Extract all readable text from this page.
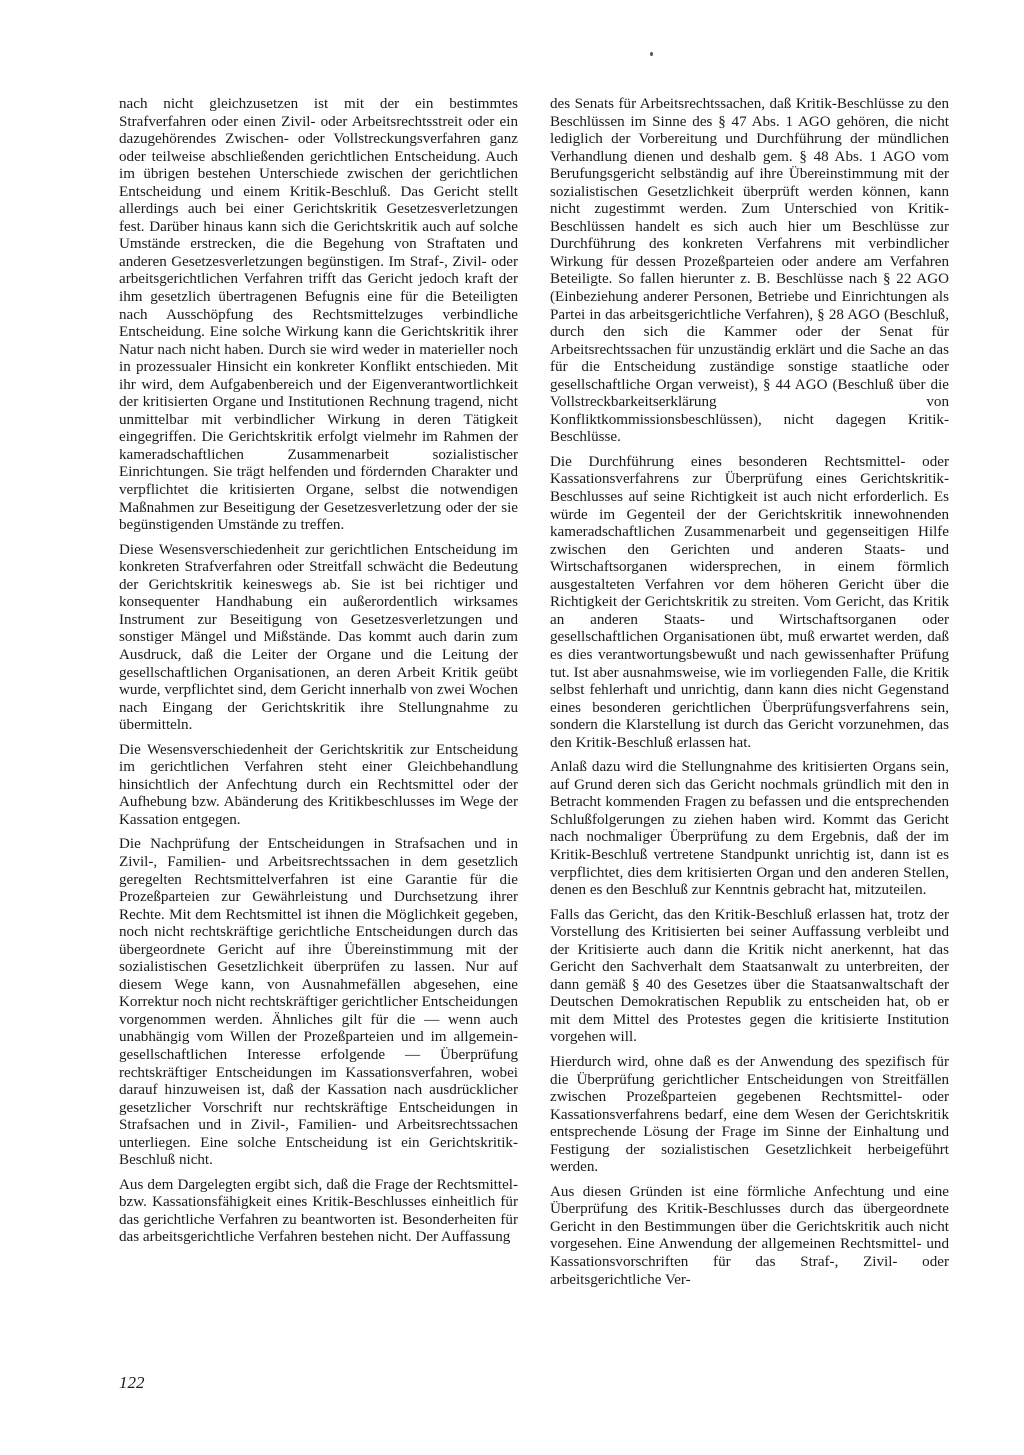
nach nicht gleichzusetzen ist mit der ein bestimmtes Strafverfahren oder einen Zivil- oder Arbeitsrechtsstreit oder ein dazugehörendes Zwischen- oder Vollstreckungsverfahren ganz oder teilweise abschließenden gerichtlichen Entscheidung. Auch im übrigen bestehen Unterschiede zwischen der gerichtlichen Entscheidung und einem Kritik-Beschluß. Das Gericht stellt allerdings auch bei einer Gerichtskritik Gesetzesverletzungen fest. Darüber hinaus kann sich die Gerichtskritik auch auf solche Umstände erstrecken, die die Begehung von Straftaten und anderen Gesetzesverletzungen begünstigen. Im Straf-, Zivil- oder arbeitsgerichtlichen Verfahren trifft das Gericht jedoch kraft der ihm gesetzlich übertragenen Befugnis eine für die Beteiligten nach Ausschöpfung des Rechtsmittelzuges verbindliche Entscheidung. Eine solche Wirkung kann die Gerichtskritik ihrer Natur nach nicht haben. Durch sie wird weder in materieller noch in prozessualer Hinsicht ein konkreter Konflikt entschieden. Mit ihr wird, dem Aufgabenbereich und der Eigenverantwortlichkeit der kritisierten Organe und Institutionen Rechnung tragend, nicht unmittelbar mit verbindlicher Wirkung in deren Tätigkeit eingegriffen. Die Gerichtskritik erfolgt vielmehr im Rahmen der kameradschaftlichen Zusammenarbeit sozialistischer Einrichtungen. Sie trägt helfenden und fördernden Charakter und verpflichtet die kritisierten Organe, selbst die notwendigen Maßnahmen zur Beseitigung der Gesetzesverletzung oder der sie begünstigenden Umstände zu treffen.

Diese Wesensverschiedenheit zur gerichtlichen Entscheidung im konkreten Strafverfahren oder Streitfall schwächt die Bedeutung der Gerichtskritik keineswegs ab. Sie ist bei richtiger und konsequenter Handhabung ein außerordentlich wirksames Instrument zur Beseitigung von Gesetzesverletzungen und sonstiger Mängel und Mißstände. Das kommt auch darin zum Ausdruck, daß die Leiter der Organe und die Leitung der gesellschaftlichen Organisationen, an deren Arbeit Kritik geübt wurde, verpflichtet sind, dem Gericht innerhalb von zwei Wochen nach Eingang der Gerichtskritik ihre Stellungnahme zu übermitteln.

Die Wesensverschiedenheit der Gerichtskritik zur Entscheidung im gerichtlichen Verfahren steht einer Gleichbehandlung hinsichtlich der Anfechtung durch ein Rechtsmittel oder der Aufhebung bzw. Abänderung des Kritikbeschlusses im Wege der Kassation entgegen.

Die Nachprüfung der Entscheidungen in Strafsachen und in Zivil-, Familien- und Arbeitsrechtssachen in dem gesetzlich geregelten Rechtsmittelverfahren ist eine Garantie für die Prozeßparteien zur Gewährleistung und Durchsetzung ihrer Rechte. Mit dem Rechtsmittel ist ihnen die Möglichkeit gegeben, noch nicht rechtskräftige gerichtliche Entscheidungen durch das übergeordnete Gericht auf ihre Übereinstimmung mit der sozialistischen Gesetzlichkeit überprüfen zu lassen. Nur auf diesem Wege kann, von Ausnahmefällen abgesehen, eine Korrektur noch nicht rechtskräftiger gerichtlicher Entscheidungen vorgenommen werden. Ähnliches gilt für die — wenn auch unabhängig vom Willen der Prozeßparteien und im allgemein-gesellschaftlichen Interesse erfolgende — Überprüfung rechtskräftiger Entscheidungen im Kassationsverfahren, wobei darauf hinzuweisen ist, daß der Kassation nach ausdrücklicher gesetzlicher Vorschrift nur rechtskräftige Entscheidungen in Strafsachen und in Zivil-, Familien- und Arbeitsrechtssachen unterliegen. Eine solche Entscheidung ist ein Gerichtskritik-Beschluß nicht.

Aus dem Dargelegten ergibt sich, daß die Frage der Rechtsmittel- bzw. Kassationsfähigkeit eines Kritik-Beschlusses einheitlich für das gerichtliche Verfahren zu beantworten ist. Besonderheiten für das arbeitsgerichtliche Verfahren bestehen nicht. Der Auffassung

des Senats für Arbeitsrechtssachen, daß Kritik-Beschlüsse zu den Beschlüssen im Sinne des § 47 Abs. 1 AGO gehören, die nicht lediglich der Vorbereitung und Durchführung der mündlichen Verhandlung dienen und deshalb gem. § 48 Abs. 1 AGO vom Berufungsgericht selbständig auf ihre Übereinstimmung mit der sozialistischen Gesetzlichkeit überprüft werden können, kann nicht zugestimmt werden. Zum Unterschied von Kritik-Beschlüssen handelt es sich auch hier um Beschlüsse zur Durchführung des konkreten Verfahrens mit verbindlicher Wirkung für dessen Prozeßparteien oder andere am Verfahren Beteiligte. So fallen hierunter z. B. Beschlüsse nach § 22 AGO (Einbeziehung anderer Personen, Betriebe und Einrichtungen als Partei in das arbeitsgerichtliche Verfahren), § 28 AGO (Beschluß, durch den sich die Kammer oder der Senat für Arbeitsrechtssachen für unzuständig erklärt und die Sache an das für die Entscheidung zuständige sonstige staatliche oder gesellschaftliche Organ verweist), § 44 AGO (Beschluß über die Vollstreckbarkeitserklärung von Konfliktkommissionsbeschlüssen), nicht dagegen Kritik-Beschlüsse.

Die Durchführung eines besonderen Rechtsmittel- oder Kassationsverfahrens zur Überprüfung eines Gerichtskritik-Beschlusses auf seine Richtigkeit ist auch nicht erforderlich. Es würde im Gegenteil der der Gerichtskritik innewohnenden kameradschaftlichen Zusammenarbeit und gegenseitigen Hilfe zwischen den Gerichten und anderen Staats- und Wirtschaftsorganen widersprechen, in einem förmlich ausgestalteten Verfahren vor dem höheren Gericht über die Richtigkeit der Gerichtskritik zu streiten. Vom Gericht, das Kritik an anderen Staats- und Wirtschaftsorganen oder gesellschaftlichen Organisationen übt, muß erwartet werden, daß es dies verantwortungsbewußt und nach gewissenhafter Prüfung tut. Ist aber ausnahmsweise, wie im vorliegenden Falle, die Kritik selbst fehlerhaft und unrichtig, dann kann dies nicht Gegenstand eines besonderen gerichtlichen Überprüfungsverfahrens sein, sondern die Klarstellung ist durch das Gericht vorzunehmen, das den Kritik-Beschluß erlassen hat.

Anlaß dazu wird die Stellungnahme des kritisierten Organs sein, auf Grund deren sich das Gericht nochmals gründlich mit den in Betracht kommenden Fragen zu befassen und die entsprechenden Schlußfolgerungen zu ziehen haben wird. Kommt das Gericht nach nochmaliger Überprüfung zu dem Ergebnis, daß der im Kritik-Beschluß vertretene Standpunkt unrichtig ist, dann ist es verpflichtet, dies dem kritisierten Organ und den anderen Stellen, denen es den Beschluß zur Kenntnis gebracht hat, mitzuteilen.

Falls das Gericht, das den Kritik-Beschluß erlassen hat, trotz der Vorstellung des Kritisierten bei seiner Auffassung verbleibt und der Kritisierte auch dann die Kritik nicht anerkennt, hat das Gericht den Sachverhalt dem Staatsanwalt zu unterbreiten, der dann gemäß § 40 des Gesetzes über die Staatsanwaltschaft der Deutschen Demokratischen Republik zu entscheiden hat, ob er mit dem Mittel des Protestes gegen die kritisierte Institution vorgehen will.

Hierdurch wird, ohne daß es der Anwendung des spezifisch für die Überprüfung gerichtlicher Entscheidungen von Streitfällen zwischen Prozeßparteien gegebenen Rechtsmittel- oder Kassationsverfahrens bedarf, eine dem Wesen der Gerichtskritik entsprechende Lösung der Frage im Sinne der Einhaltung und Festigung der sozialistischen Gesetzlichkeit herbeigeführt werden.

Aus diesen Gründen ist eine förmliche Anfechtung und eine Überprüfung des Kritik-Beschlusses durch das übergeordnete Gericht in den Bestimmungen über die Gerichtskritik auch nicht vorgesehen. Eine Anwendung der allgemeinen Rechtsmittel- und Kassationsvorschriften für das Straf-, Zivil- oder arbeitsgerichtliche Ver-

122
